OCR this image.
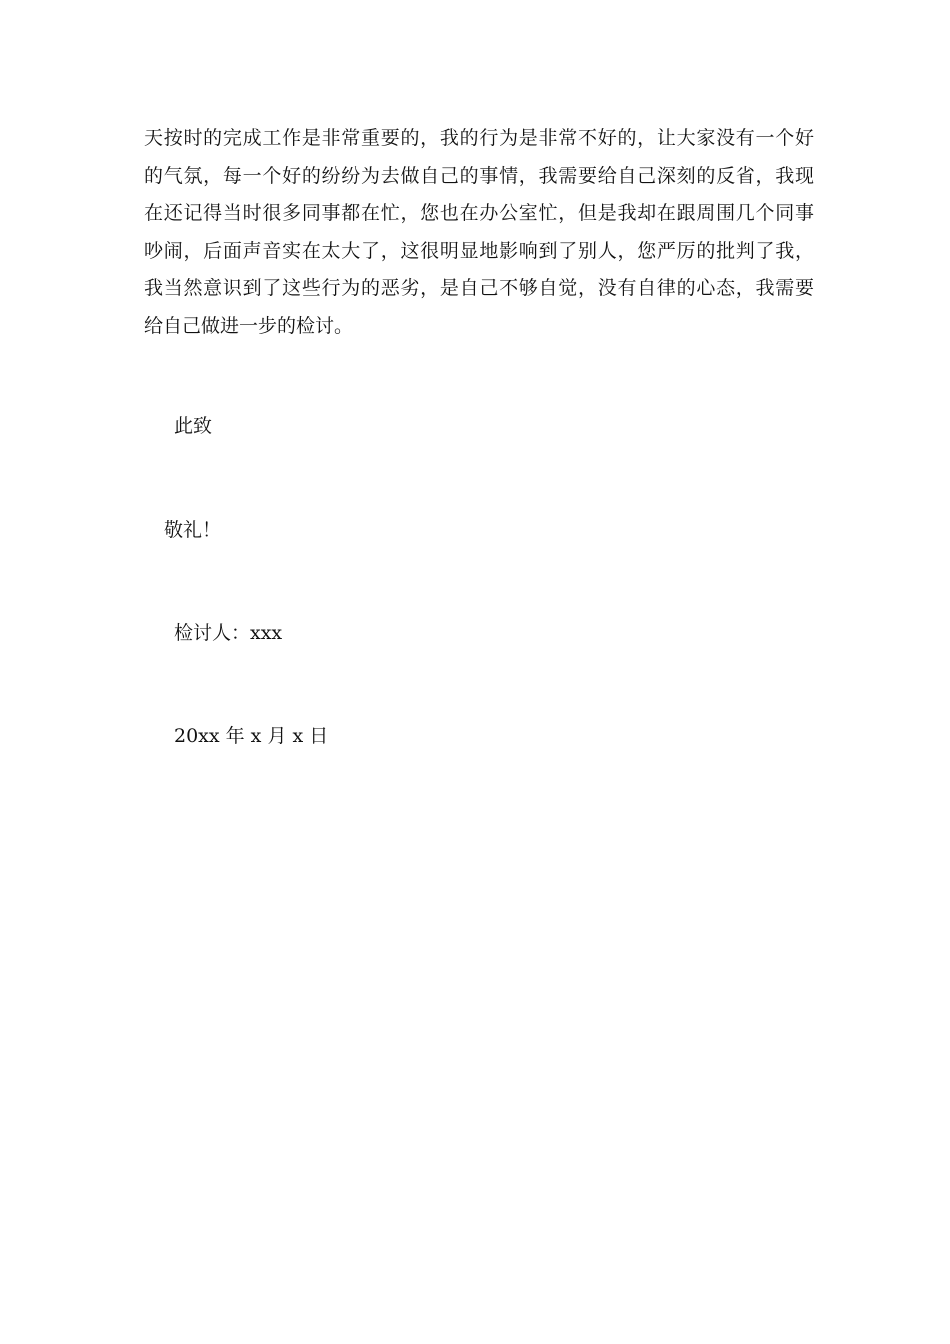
天按时的完成工作是非常重要的，我的行为是非常不好的，让大家没有一个好
的气氛，每一个好的纷纷为去做自己的事情，我需要给自己深刻的反省，我现
在还记得当时很多同事都在忙，您也在办公室忙，但是我却在跟周围几个同事
吵闹，后面声音实在太大了，这很明显地影响到了别人，您严厉的批判了我，
我当然意识到了这些行为的恶劣，是自己不够自觉，没有自律的心态，我需要
给自己做进一步的检讨。
此致
敬礼！
检讨人：xxx
20xx 年 x 月 x 日
